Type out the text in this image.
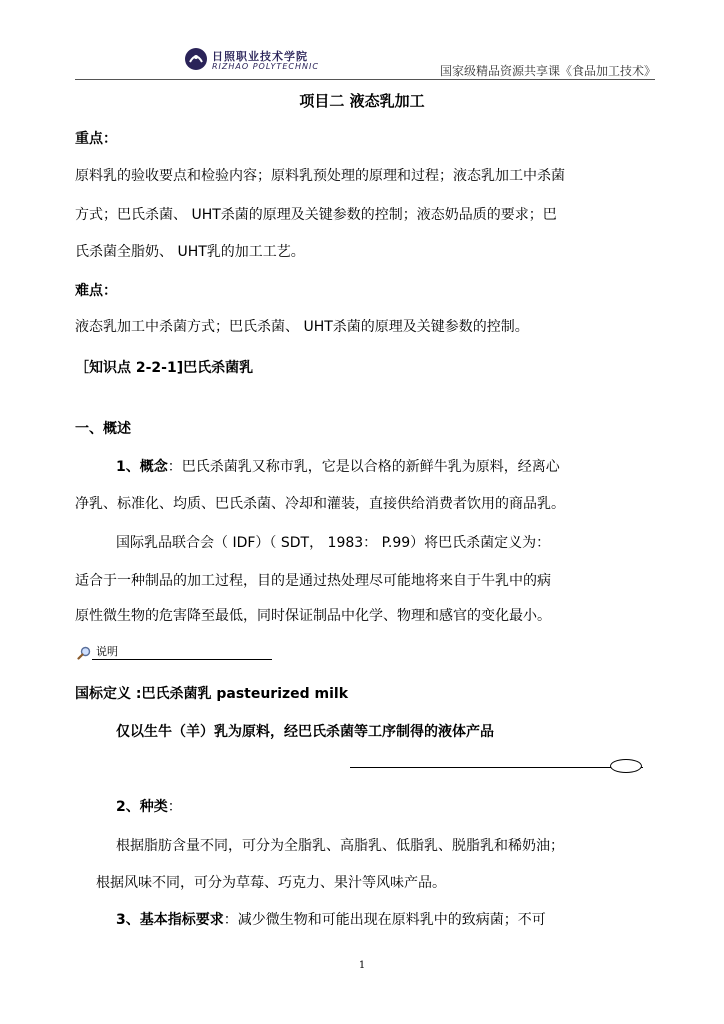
日照职业技术学院
RIZHAO POLYTECHNIC	国家级精品资源共享课《食品加工技术》
项目二 液态乳加工
重点：
原料乳的验收要点和检验内容；原料乳预处理的原理和过程；液态乳加工中杀菌
方式；巴氏杀菌、 UHT杀菌的原理及关键参数的控制；液态奶品质的要求；巴
氏杀菌全脂奶、 UHT乳的加工工艺。
难点：
液态乳加工中杀菌方式；巴氏杀菌、 UHT杀菌的原理及关键参数的控制。
［知识点 2-2-1]巴氏杀菌乳
一、概述
1、概念：巴氏杀菌乳又称市乳，它是以合格的新鲜牛乳为原料，经离心
净乳、标准化、均质、巴氏杀菌、冷却和灌装，直接供给消费者饮用的商品乳。
国际乳品联合会（ IDF）（ SDT， 1983： P.99）将巴氏杀菌定义为：
适合于一种制品的加工过程，目的是通过热处理尽可能地将来自于牛乳中的病
原性微生物的危害降至最低，同时保证制品中化学、物理和感官的变化最小。
说明
国标定义 :巴氏杀菌乳 pasteurized milk
仅以生牛（羊）乳为原料，经巴氏杀菌等工序制得的液体产品
2、种类：
根据脂肪含量不同，可分为全脂乳、高脂乳、低脂乳、脱脂乳和稀奶油；
根据风味不同，可分为草莓、巧克力、果汁等风味产品。
3、基本指标要求：减少微生物和可能出现在原料乳中的致病菌；不可
1
